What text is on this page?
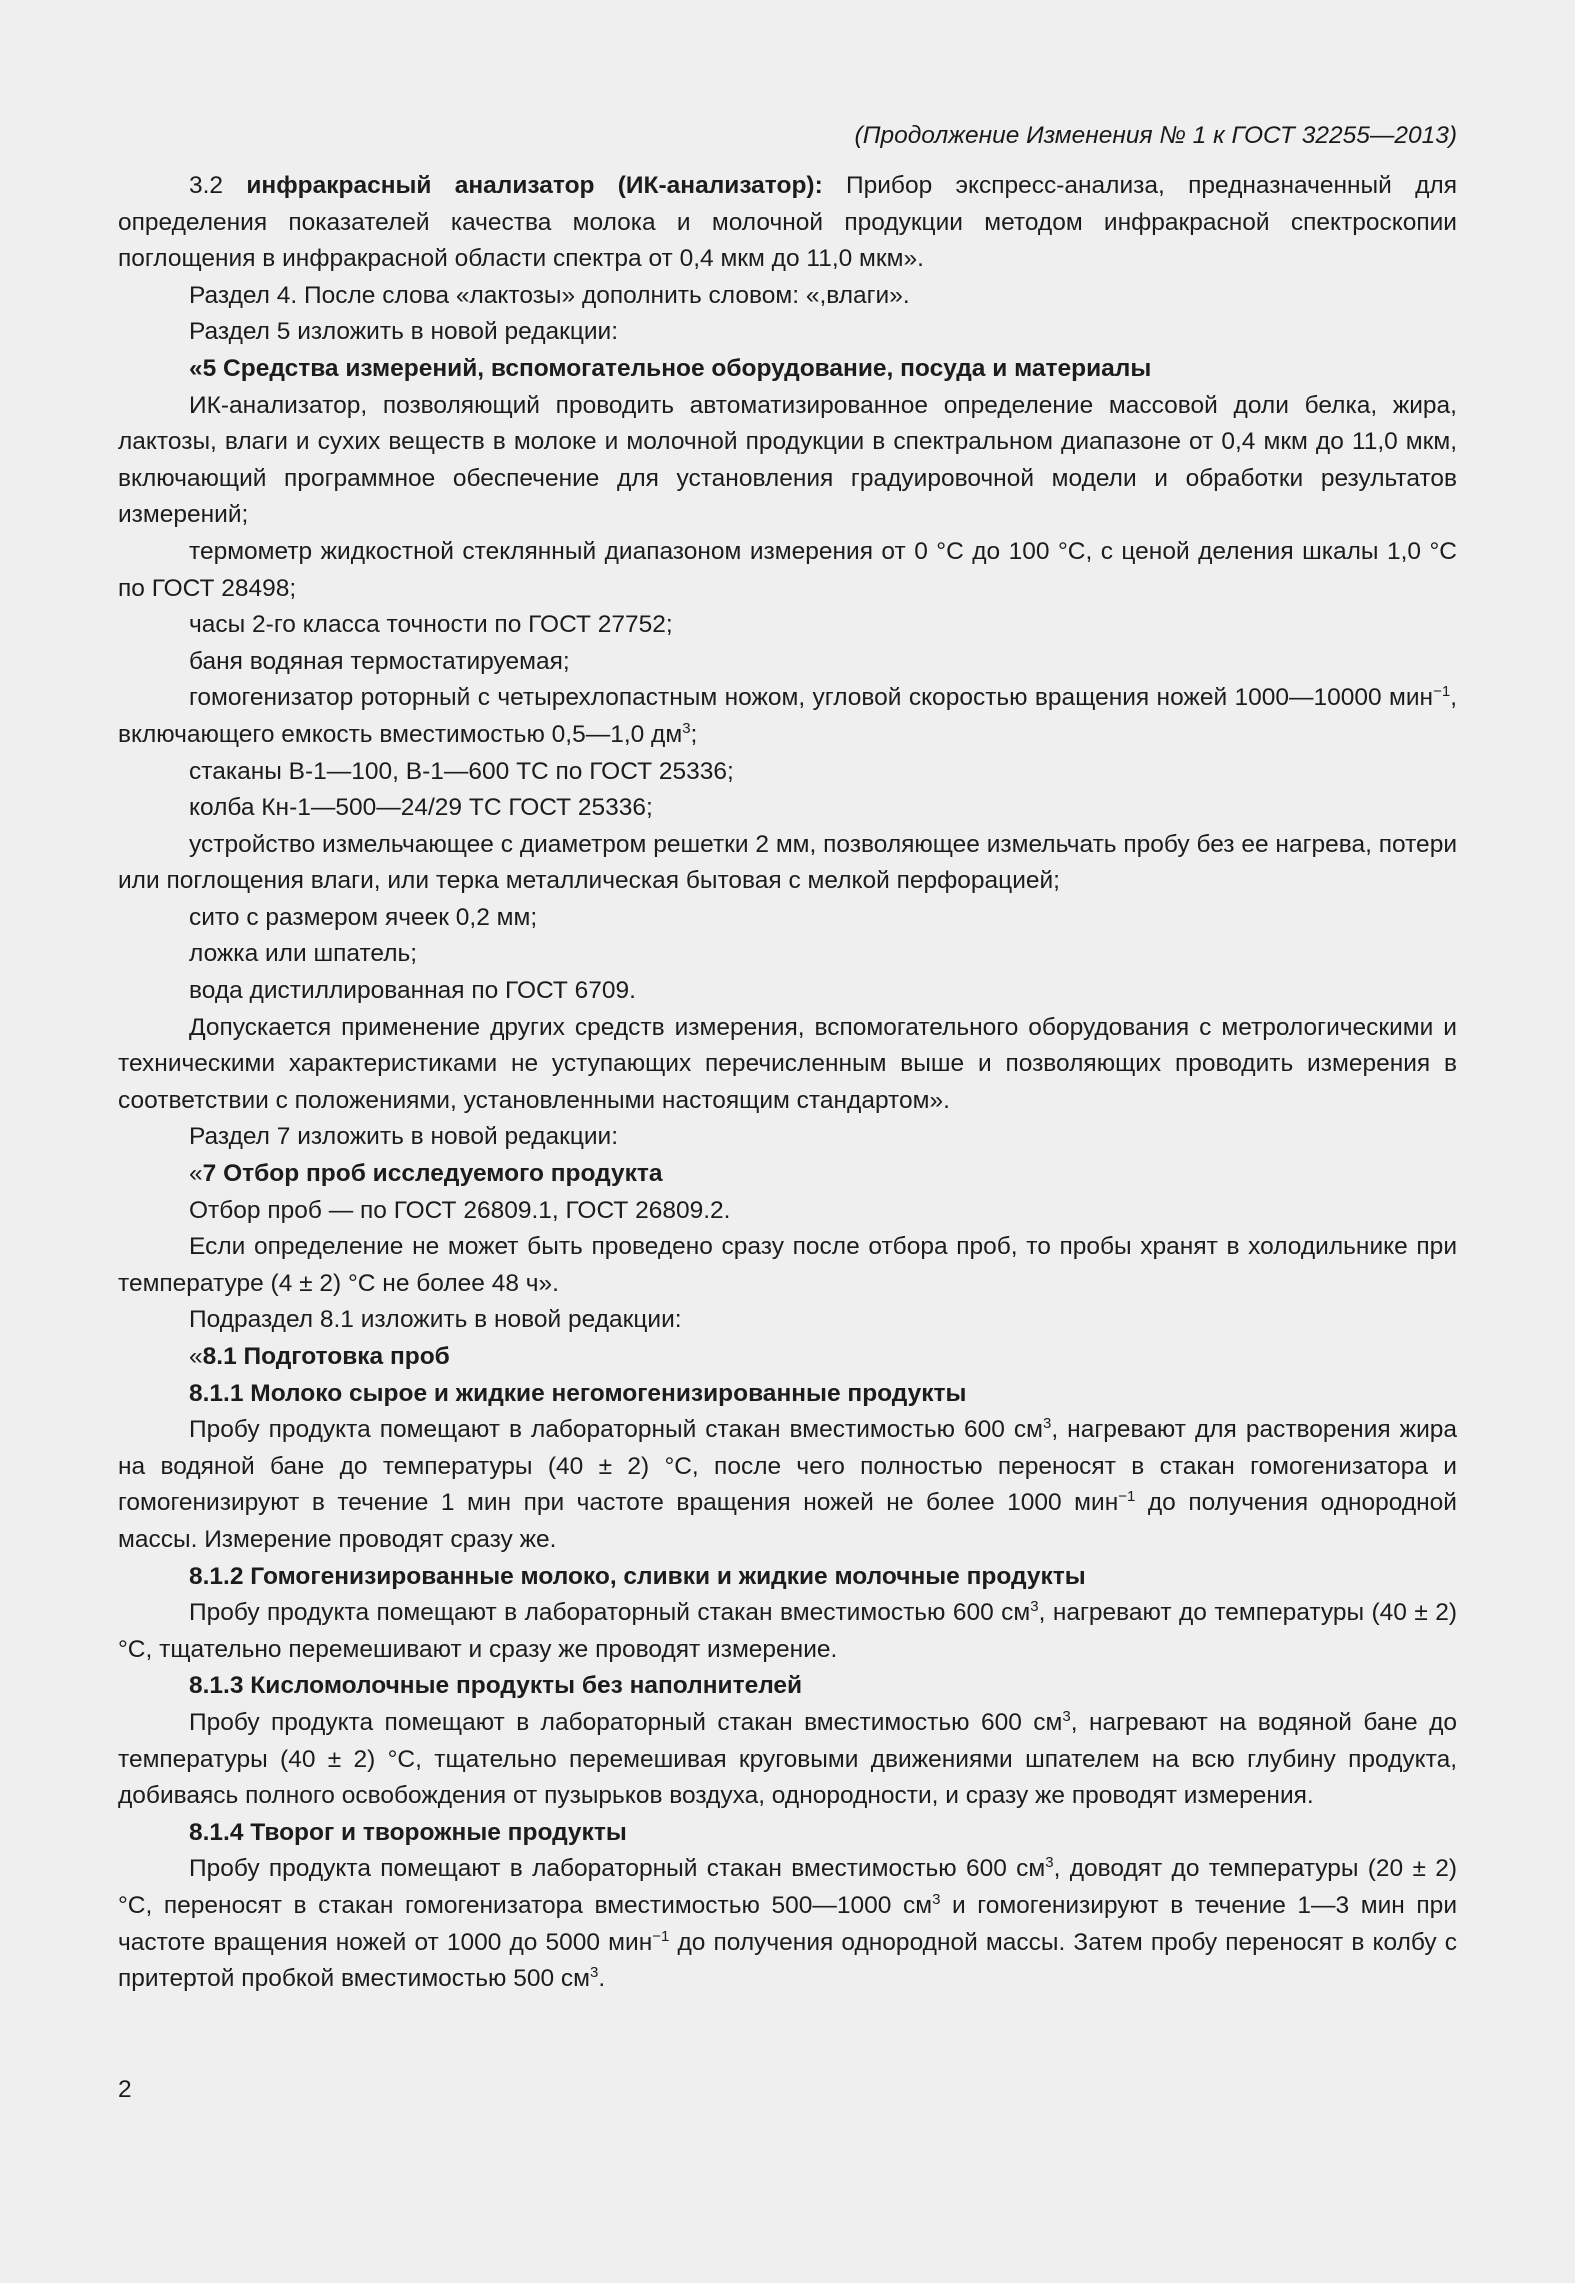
(Продолжение Изменения № 1 к ГОСТ 32255—2013)

3.2 инфракрасный анализатор (ИК-анализатор): Прибор экспресс-анализа, предназначенный для определения показателей качества молока и молочной продукции методом инфракрасной спектроскопии поглощения в инфракрасной области спектра от 0,4 мкм до 11,0 мкм».

Раздел 4. После слова «лактозы» дополнить словом: «,влаги».

Раздел 5 изложить в новой редакции:

«5 Средства измерений, вспомогательное оборудование, посуда и материалы

ИК-анализатор, позволяющий проводить автоматизированное определение массовой доли белка, жира, лактозы, влаги и сухих веществ в молоке и молочной продукции в спектральном диапазоне от 0,4 мкм до 11,0 мкм, включающий программное обеспечение для установления градуировочной модели и обработки результатов измерений;

термометр жидкостной стеклянный диапазоном измерения от 0 °С до 100 °С, с ценой деления шкалы 1,0 °С по ГОСТ 28498;

часы 2-го класса точности по ГОСТ 27752;

баня водяная термостатируемая;

гомогенизатор роторный с четырехлопастным ножом, угловой скоростью вращения ножей 1000—10000 мин$^{-1}$, включающего емкость вместимостью 0,5—1,0 $дм^3$;

стаканы В-1—100, В-1—600 ТС по ГОСТ 25336;

колба Кн-1—500—24/29 ТС ГОСТ 25336;

устройство измельчающее с диаметром решетки 2 мм, позволяющее измельчать пробу без ее нагрева, потери или поглощения влаги, или терка металлическая бытовая с мелкой перфорацией;

сито с размером ячеек 0,2 мм;

ложка или шпатель;

вода дистиллированная по ГОСТ 6709.

Допускается применение других средств измерения, вспомогательного оборудования с метрологическими и техническими характеристиками не уступающих перечисленным выше и позволяющих проводить измерения в соответствии с положениями, установленными настоящим стандартом».

Раздел 7 изложить в новой редакции:

«7 Отбор проб исследуемого продукта

Отбор проб — по ГОСТ 26809.1, ГОСТ 26809.2.

Если определение не может быть проведено сразу после отбора проб, то пробы хранят в холодильнике при температуре (4 ± 2) °С не более 48 ч».

Подраздел 8.1 изложить в новой редакции:

«8.1 Подготовка проб

8.1.1 Молоко сырое и жидкие негомогенизированные продукты

Пробу продукта помещают в лабораторный стакан вместимостью 600 $см^3$, нагревают для растворения жира на водяной бане до температуры (40 ± 2) °С, после чего полностью переносят в стакан гомогенизатора и гомогенизируют в течение 1 мин при частоте вращения ножей не более 1000 мин$^{-1}$ до получения однородной массы. Измерение проводят сразу же.

8.1.2 Гомогенизированные молоко, сливки и жидкие молочные продукты

Пробу продукта помещают в лабораторный стакан вместимостью 600 $см^3$, нагревают до температуры (40 ± 2) °С, тщательно перемешивают и сразу же проводят измерение.

8.1.3 Кисломолочные продукты без наполнителей

Пробу продукта помещают в лабораторный стакан вместимостью 600 $см^3$, нагревают на водяной бане до температуры (40 ± 2) °С, тщательно перемешивая круговыми движениями шпателем на всю глубину продукта, добиваясь полного освобождения от пузырьков воздуха, однородности, и сразу же проводят измерения.

8.1.4 Творог и творожные продукты

Пробу продукта помещают в лабораторный стакан вместимостью 600 $см^3$, доводят до температуры (20 ± 2) °С, переносят в стакан гомогенизатора вместимостью 500—1000 $см^3$ и гомогенизируют в течение 1—3 мин при частоте вращения ножей от 1000 до 5000 мин$^{-1}$ до получения однородной массы. Затем пробу переносят в колбу с притертой пробкой вместимостью 500 $см^3$.

2
